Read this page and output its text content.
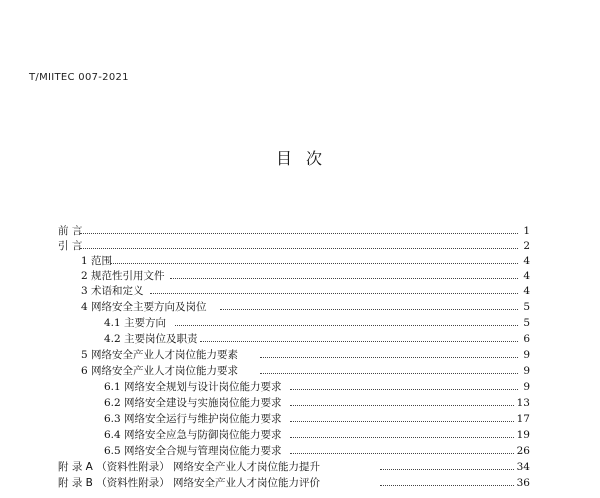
T/MIITEC 007-2021
目次
前 言	1
引 言	2
1 范围	4
2 规范性引用文件	4
3 术语和定义	4
4 网络安全主要方向及岗位	5
4.1 主要方向	5
4.2 主要岗位及职责	6
5 网络安全产业人才岗位能力要素	9
6 网络安全产业人才岗位能力要求	9
6.1 网络安全规划与设计岗位能力要求	9
6.2 网络安全建设与实施岗位能力要求	13
6.3 网络安全运行与维护岗位能力要求	17
6.4 网络安全应急与防御岗位能力要求	19
6.5 网络安全合规与管理岗位能力要求	26
附 录 A （资料性附录） 网络安全产业人才岗位能力提升	34
附 录 B （资料性附录） 网络安全产业人才岗位能力评价	36
